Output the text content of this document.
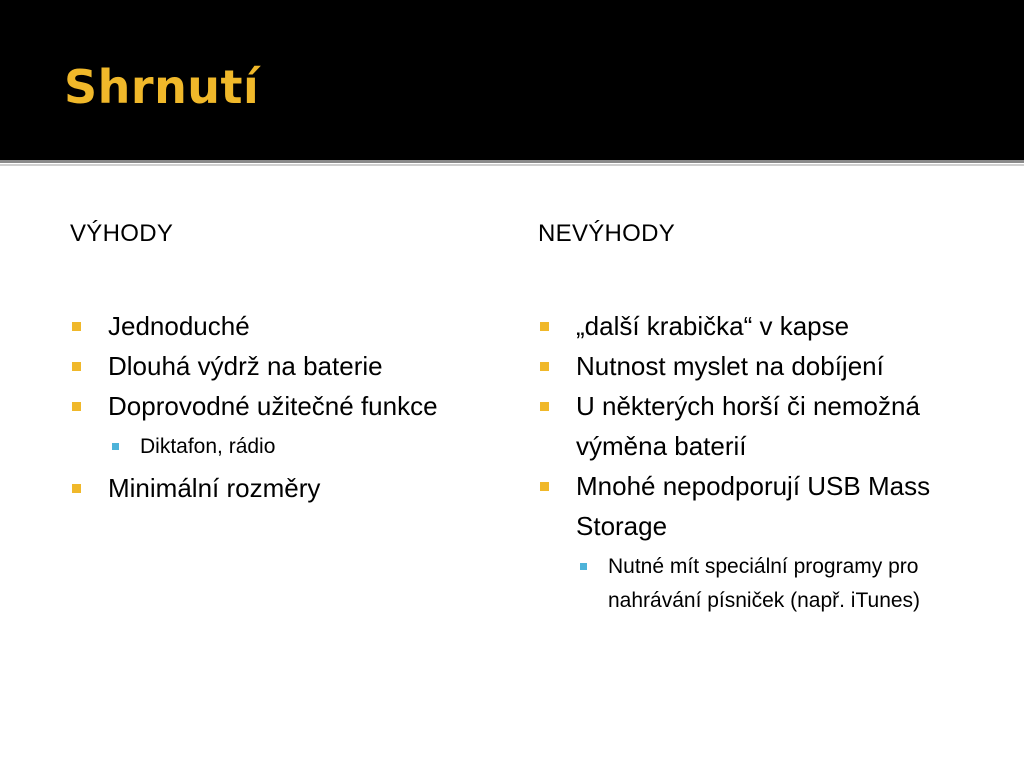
Shrnutí
VÝHODY
Jednoduché
Dlouhá výdrž na baterie
Doprovodné užitečné funkce
Diktafon, rádio
Minimální rozměry
NEVÝHODY
„další krabička“ v kapse
Nutnost myslet na dobíjení
U některých horší či nemožná výměna baterií
Mnohé nepodporují USB Mass Storage
Nutné mít speciální programy pro nahrávání písniček (např. iTunes)
